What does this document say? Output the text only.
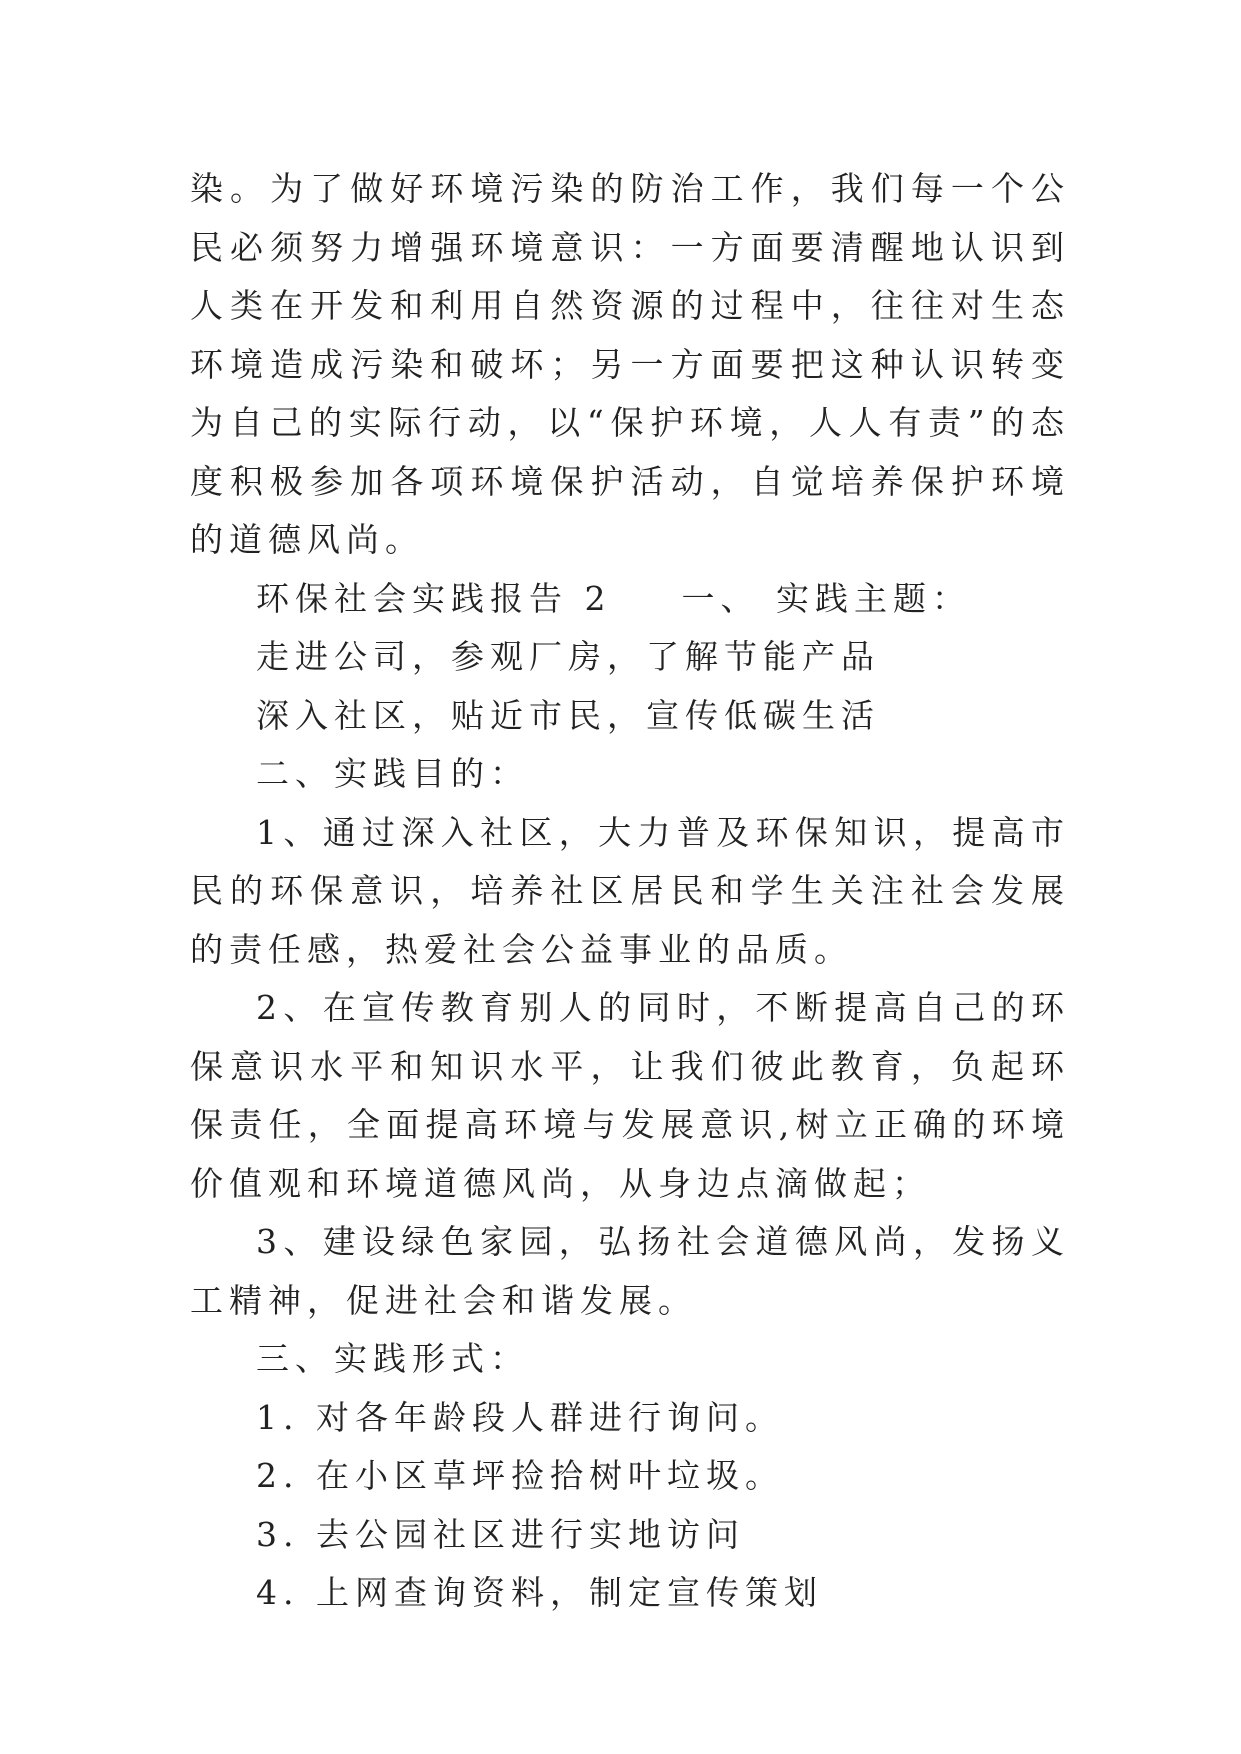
染。为了做好环境污染的防治工作，我们每一个公民必须努力增强环境意识：一方面要清醒地认识到人类在开发和利用自然资源的过程中，往往对生态环境造成污染和破坏；另一方面要把这种认识转变为自己的实际行动，以“保护环境，人人有责”的态度积极参加各项环境保护活动，自觉培养保护环境的道德风尚。

环保社会实践报告 2 一、 实践主题：

走进公司，参观厂房，了解节能产品

深入社区，贴近市民，宣传低碳生活

二、实践目的：

1、通过深入社区，大力普及环保知识，提高市民的环保意识，培养社区居民和学生关注社会发展的责任感，热爱社会公益事业的品质。

2、在宣传教育别人的同时，不断提高自己的环保意识水平和知识水平，让我们彼此教育，负起环保责任，全面提高环境与发展意识,树立正确的环境价值观和环境道德风尚，从身边点滴做起；

3、建设绿色家园，弘扬社会道德风尚，发扬义工精神，促进社会和谐发展。

三、实践形式：

1. 对各年龄段人群进行询问。

2. 在小区草坪捡拾树叶垃圾。

3. 去公园社区进行实地访问

4. 上网查询资料，制定宣传策划
